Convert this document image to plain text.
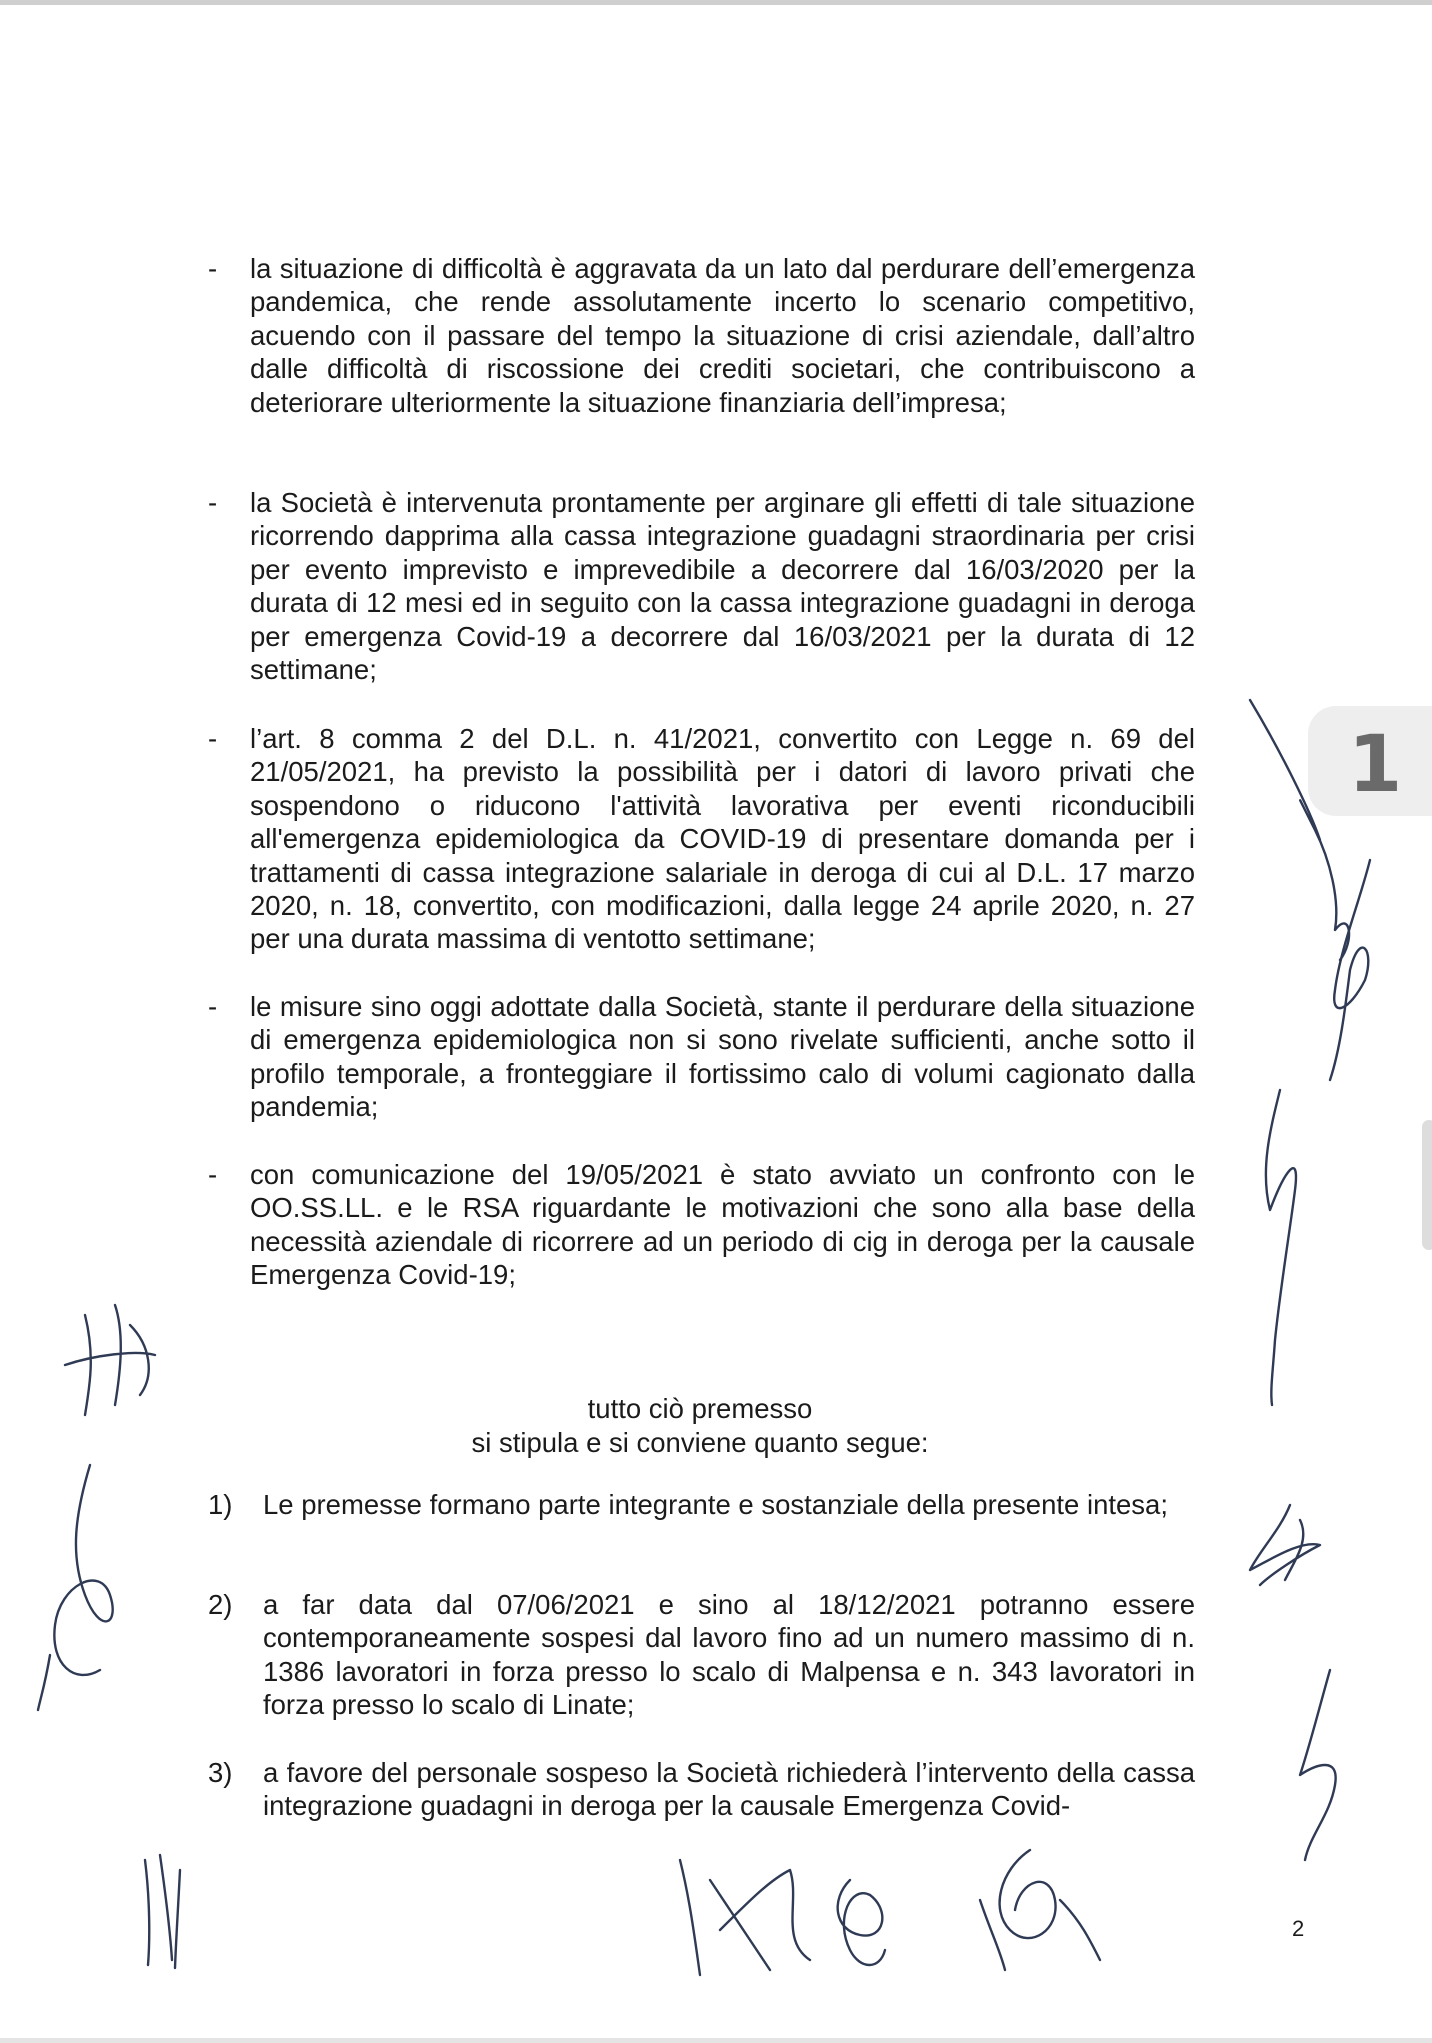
- la situazione di difficoltà è aggravata da un lato dal perdurare dell’emergenza pandemica, che rende assolutamente incerto lo scenario competitivo, acuendo con il passare del tempo la situazione di crisi aziendale, dall’altro dalle difficoltà di riscossione dei crediti societari, che contribuiscono a deteriorare ulteriormente la situazione finanziaria dell’impresa;
- la Società è intervenuta prontamente per arginare gli effetti di tale situazione ricorrendo dapprima alla cassa integrazione guadagni straordinaria per crisi per evento imprevisto e imprevedibile a decorrere dal 16/03/2020 per la durata di 12 mesi ed in seguito con la cassa integrazione guadagni in deroga per emergenza Covid-19 a decorrere dal 16/03/2021 per la durata di 12 settimane;
- l’art. 8 comma 2 del D.L. n. 41/2021, convertito con Legge n. 69 del 21/05/2021, ha previsto la possibilità per i datori di lavoro privati che sospendono o riducono l'attività lavorativa per eventi riconducibili all'emergenza epidemiologica da COVID-19 di presentare domanda per i trattamenti di cassa integrazione salariale in deroga di cui al D.L. 17 marzo 2020, n. 18, convertito, con modificazioni, dalla legge 24 aprile 2020, n. 27 per una durata massima di ventotto settimane;
- le misure sino oggi adottate dalla Società, stante il perdurare della situazione di emergenza epidemiologica non si sono rivelate sufficienti, anche sotto il profilo temporale, a fronteggiare il fortissimo calo di volumi cagionato dalla pandemia;
- con comunicazione del 19/05/2021 è stato avviato un confronto con le OO.SS.LL. e le RSA riguardante le motivazioni che sono alla base della necessità aziendale di ricorrere ad un periodo di cig in deroga per la causale Emergenza Covid-19;
tutto ciò premesso
si stipula e si conviene quanto segue:
1) Le premesse formano parte integrante e sostanziale della presente intesa;
2) a far data dal 07/06/2021 e sino al 18/12/2021 potranno essere contemporaneamente sospesi dal lavoro fino ad un numero massimo di n. 1386 lavoratori in forza presso lo scalo di Malpensa e n. 343 lavoratori in forza presso lo scalo di Linate;
3) a favore del personale sospeso la Società richiederà l’intervento della cassa integrazione guadagni in deroga per la causale Emergenza Covid-
2
1
